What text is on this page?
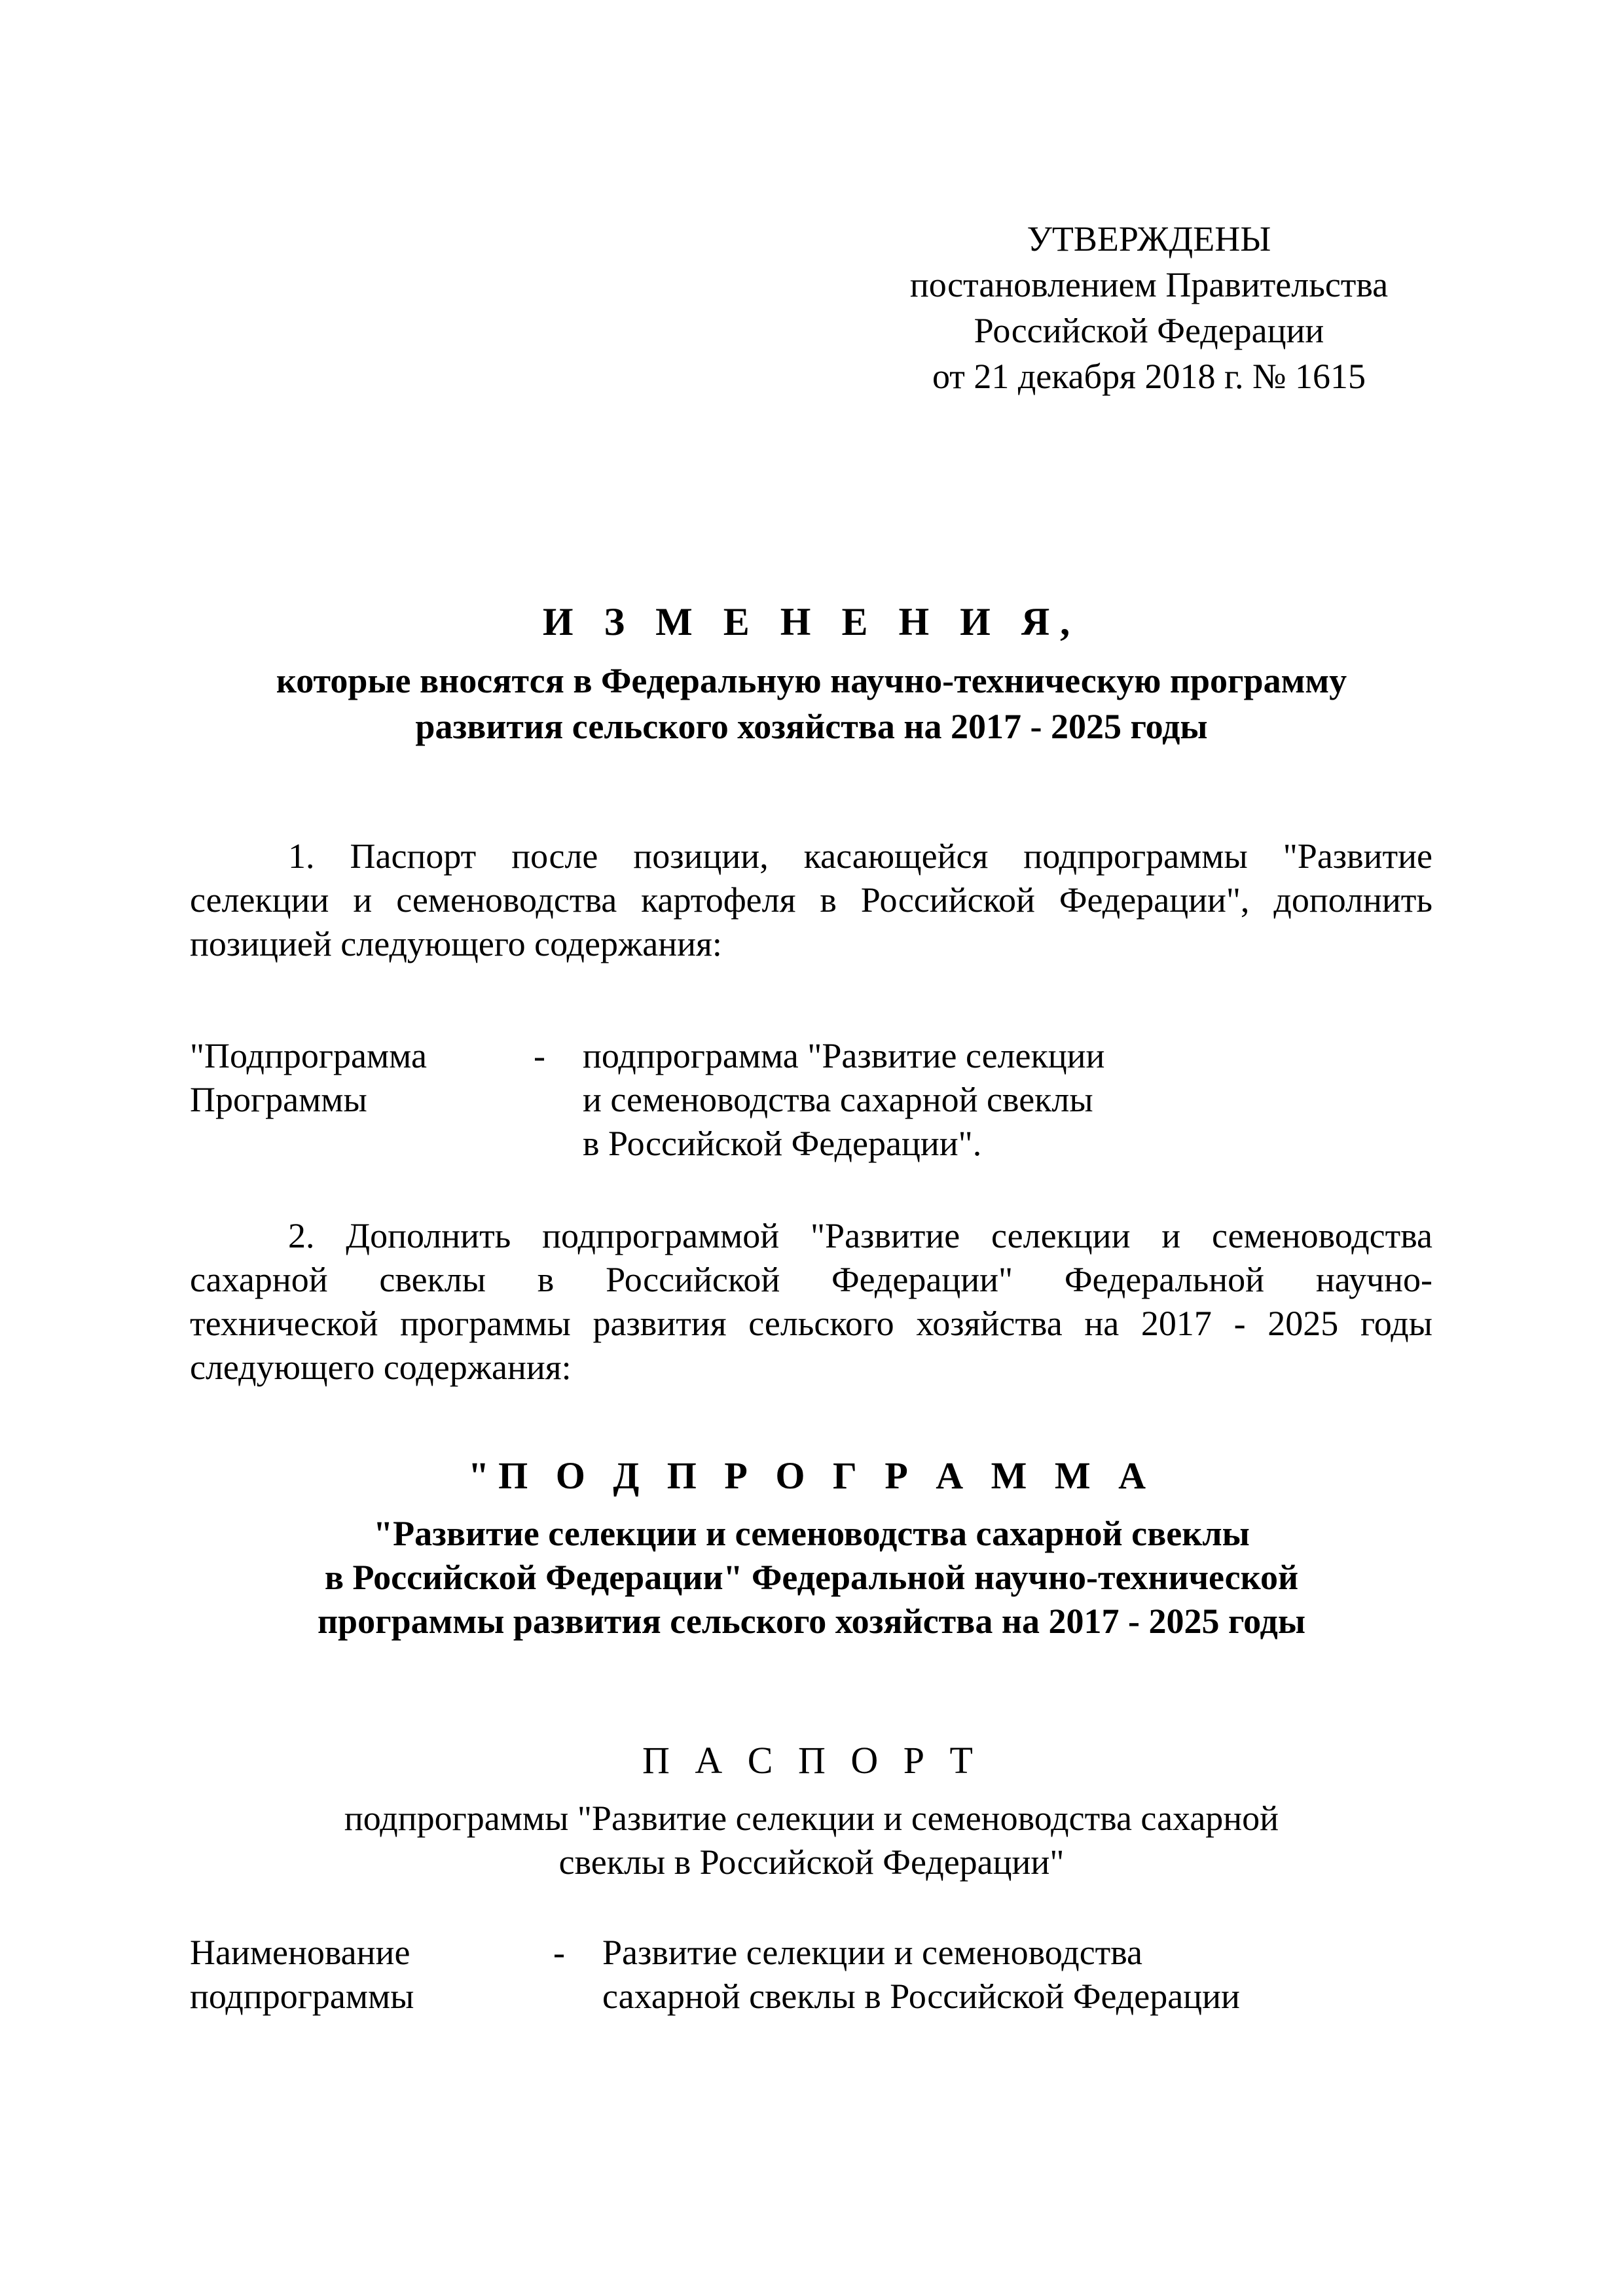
УТВЕРЖДЕНЫ
постановлением Правительства
Российской Федерации
от 21 декабря 2018 г. № 1615
И З М Е Н Е Н И Я,
которые вносятся в Федеральную научно-техническую программу
развития сельского хозяйства на 2017 - 2025 годы
1. Паспорт после позиции, касающейся подпрограммы "Развитие
селекции и семеноводства картофеля в Российской Федерации", дополнить
позицией следующего содержания:
"Подпрограмма
Программы
- подпрограмма "Развитие селекции
и семеноводства сахарной свеклы
в Российской Федерации".
2. Дополнить подпрограммой "Развитие селекции и семеноводства
сахарной свеклы в Российской Федерации" Федеральной научно-
технической программы развития сельского хозяйства на 2017 - 2025 годы
следующего содержания:
"П О Д П Р О Г Р А М М А
"Развитие селекции и семеноводства сахарной свеклы
в Российской Федерации" Федеральной научно-технической
программы развития сельского хозяйства на 2017 - 2025 годы
П А С П О Р Т
подпрограммы "Развитие селекции и семеноводства сахарной
свеклы в Российской Федерации"
Наименование
подпрограммы
- Развитие селекции и семеноводства
сахарной свеклы в Российской Федерации
